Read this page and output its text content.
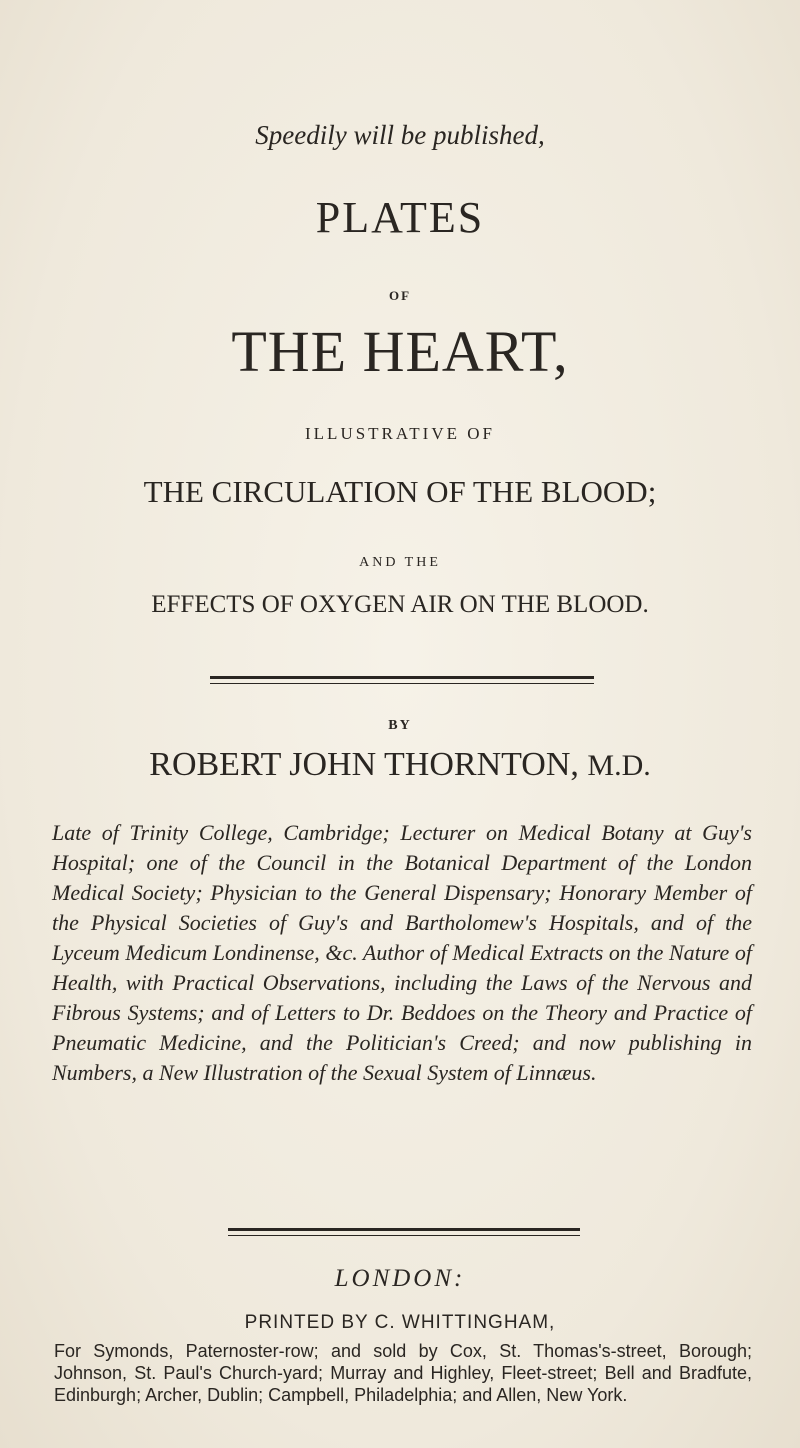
Speedily will be published,
PLATES
OF
THE HEART,
ILLUSTRATIVE OF
THE CIRCULATION OF THE BLOOD;
AND THE
EFFECTS OF OXYGEN AIR ON THE BLOOD.
BY
ROBERT JOHN THORNTON, M.D.
Late of Trinity College, Cambridge; Lecturer on Medical Botany at Guy's Hospital; one of the Council in the Botanical Department of the London Medical Society; Physician to the General Dispensary; Honorary Member of the Physical Societies of Guy's and Bartholomew's Hospitals, and of the Lyceum Medicum Londinense, &c. Author of Medical Extracts on the Nature of Health, with Practical Observations, including the Laws of the Nervous and Fibrous Systems; and of Letters to Dr. Beddoes on the Theory and Practice of Pneumatic Medicine, and the Politician's Creed; and now publishing in Numbers, a New Illustration of the Sexual System of Linnæus.
LONDON:
PRINTED BY C. WHITTINGHAM,
For Symonds, Paternoster-row; and sold by Cox, St. Thomas's-street, Borough; Johnson, St. Paul's Church-yard; Murray and Highley, Fleet-street; Bell and Bradfute, Edinburgh; Archer, Dublin; Campbell, Philadelphia; and Allen, New York.
